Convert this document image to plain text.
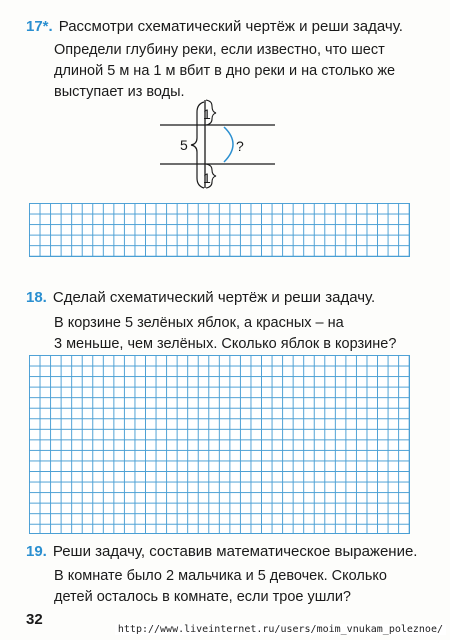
17*. Рассмотри схематический чертёж и реши задачу.
Определи глубину реки, если известно, что шест
длиной 5 м на 1 м вбит в дно реки и на столько же
выступает из воды.
5
1
1
?
18. Сделай схематический чертёж и реши задачу.
В корзине 5 зелёных яблок, а красных – на
3 меньше, чем зелёных. Сколько яблок в корзине?
19. Реши задачу, составив математическое выражение.
В комнате было 2 мальчика и 5 девочек. Сколько
детей осталось в комнате, если трое ушли?
32
http://www.liveinternet.ru/users/moim_vnukam_poleznoe/
